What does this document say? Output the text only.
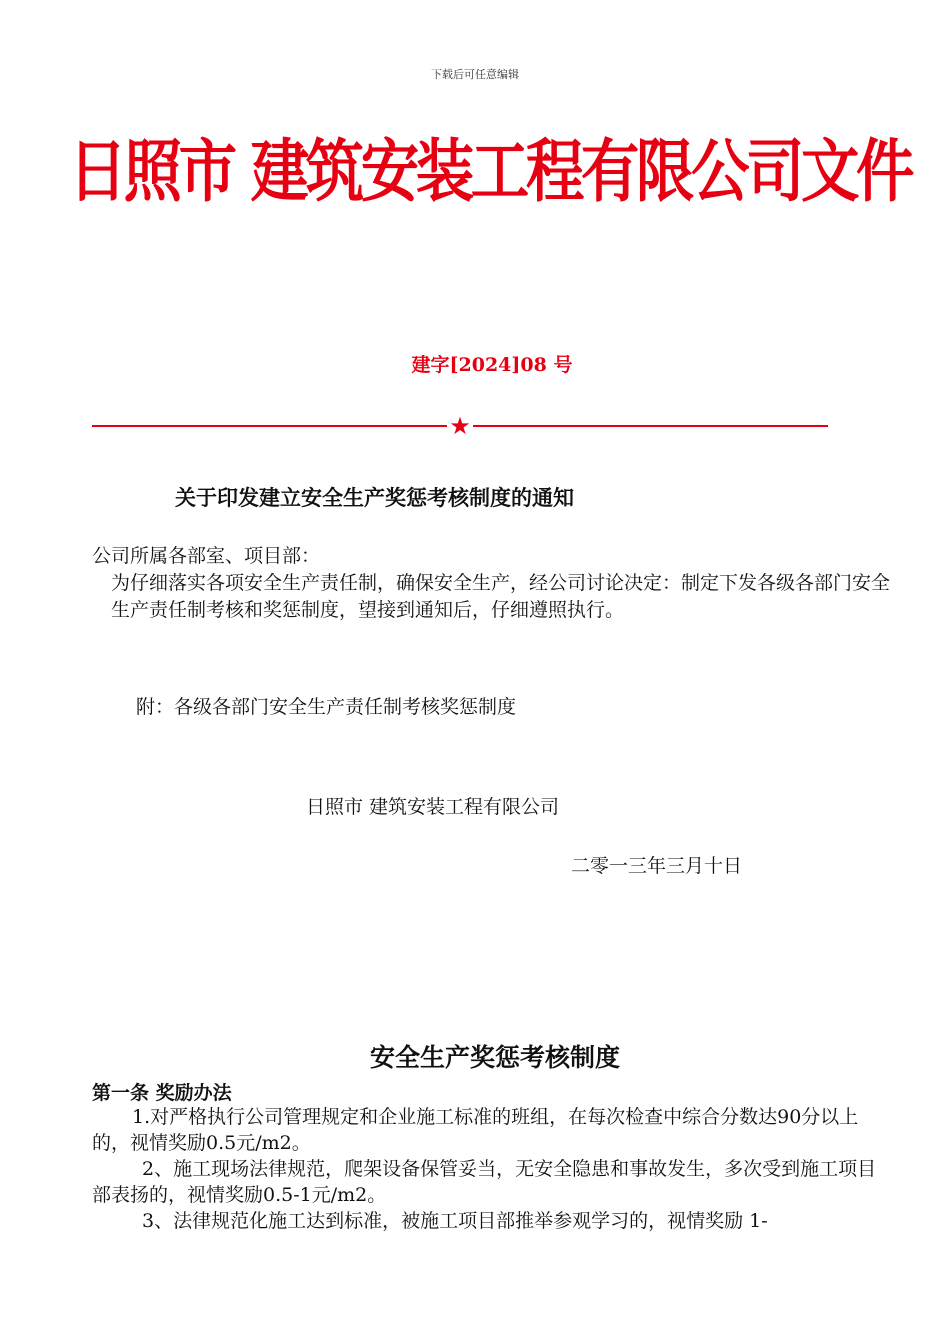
下载后可任意编辑
日照市 建筑安装工程有限公司文件
建字[2024]08 号
★
关于印发建立安全生产奖惩考核制度的通知
公司所属各部室、项目部：
为仔细落实各项安全生产责任制，确保安全生产，经公司讨论决定：制定下发各级各部门安全生产责任制考核和奖惩制度，望接到通知后，仔细遵照执行。
附：各级各部门安全生产责任制考核奖惩制度
日照市 建筑安装工程有限公司
二零一三年三月十日
安全生产奖惩考核制度
第一条 奖励办法
1.对严格执行公司管理规定和企业施工标准的班组，在每次检查中综合分数达90分以上的，视情奖励0.5元/m2。
2、施工现场法律规范，爬架设备保管妥当，无安全隐患和事故发生，多次受到施工项目部表扬的，视情奖励0.5-1元/m2。
3、法律规范化施工达到标准，被施工项目部推举参观学习的，视情奖励 1-
